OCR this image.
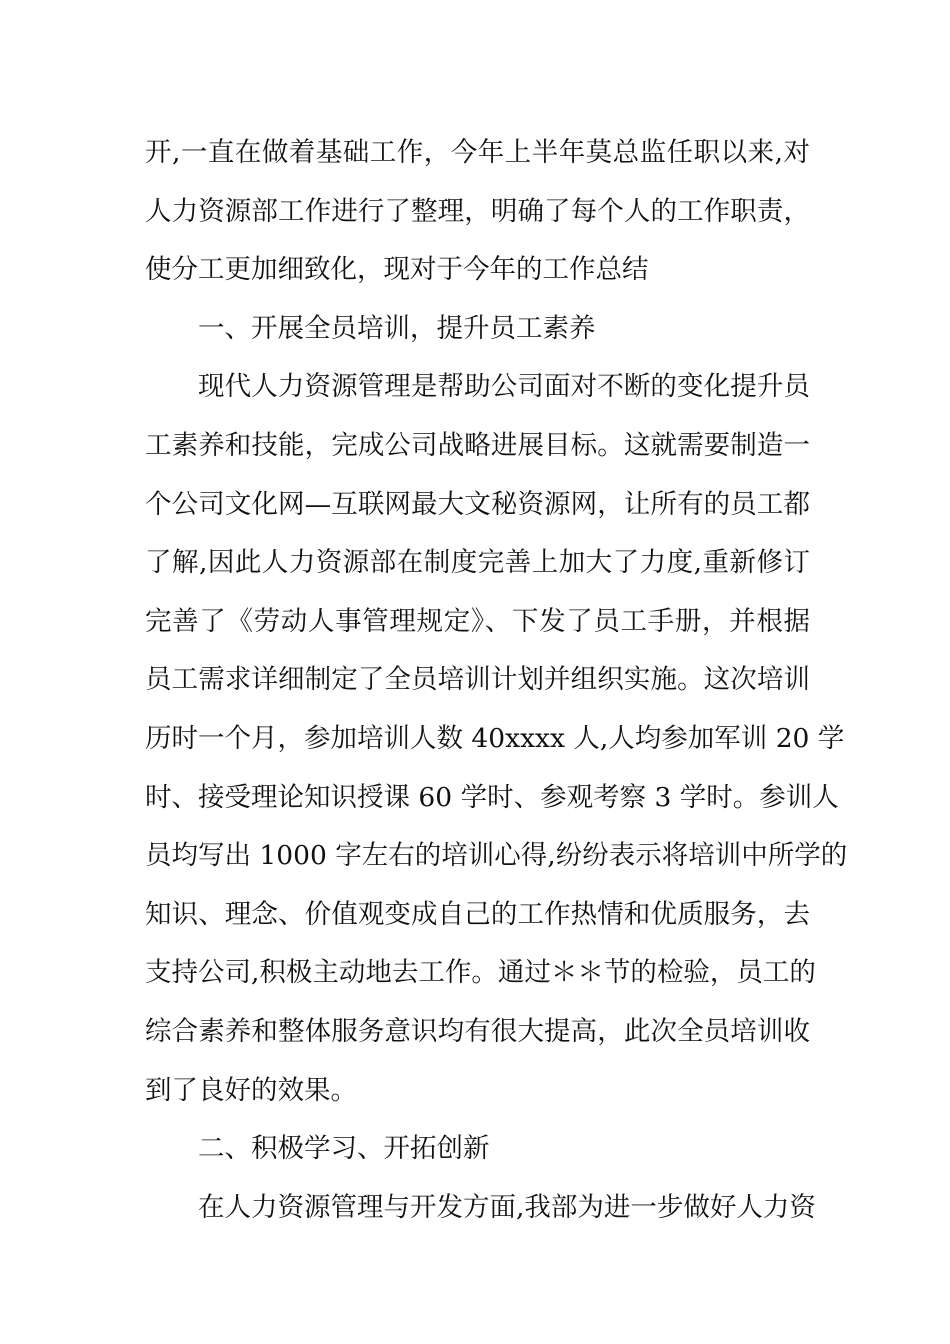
开,一直在做着基础工作，今年上半年莫总监任职以来,对
人力资源部工作进行了整理，明确了每个人的工作职责，
使分工更加细致化，现对于今年的工作总结
一、开展全员培训，提升员工素养
现代人力资源管理是帮助公司面对不断的变化提升员
工素养和技能，完成公司战略进展目标。这就需要制造一
个公司文化网—互联网最大文秘资源网，让所有的员工都
了解,因此人力资源部在制度完善上加大了力度,重新修订
完善了《劳动人事管理规定》、下发了员工手册，并根据
员工需求详细制定了全员培训计划并组织实施。这次培训
历时一个月，参加培训人数 40xxxx 人,人均参加军训 20 学
时、接受理论知识授课 60 学时、参观考察 3 学时。参训人
员均写出 1000 字左右的培训心得,纷纷表示将培训中所学的
知识、理念、价值观变成自己的工作热情和优质服务，去
支持公司,积极主动地去工作。通过＊＊节的检验，员工的
综合素养和整体服务意识均有很大提高，此次全员培训收
到了良好的效果。
二、积极学习、开拓创新
在人力资源管理与开发方面,我部为进一步做好人力资
